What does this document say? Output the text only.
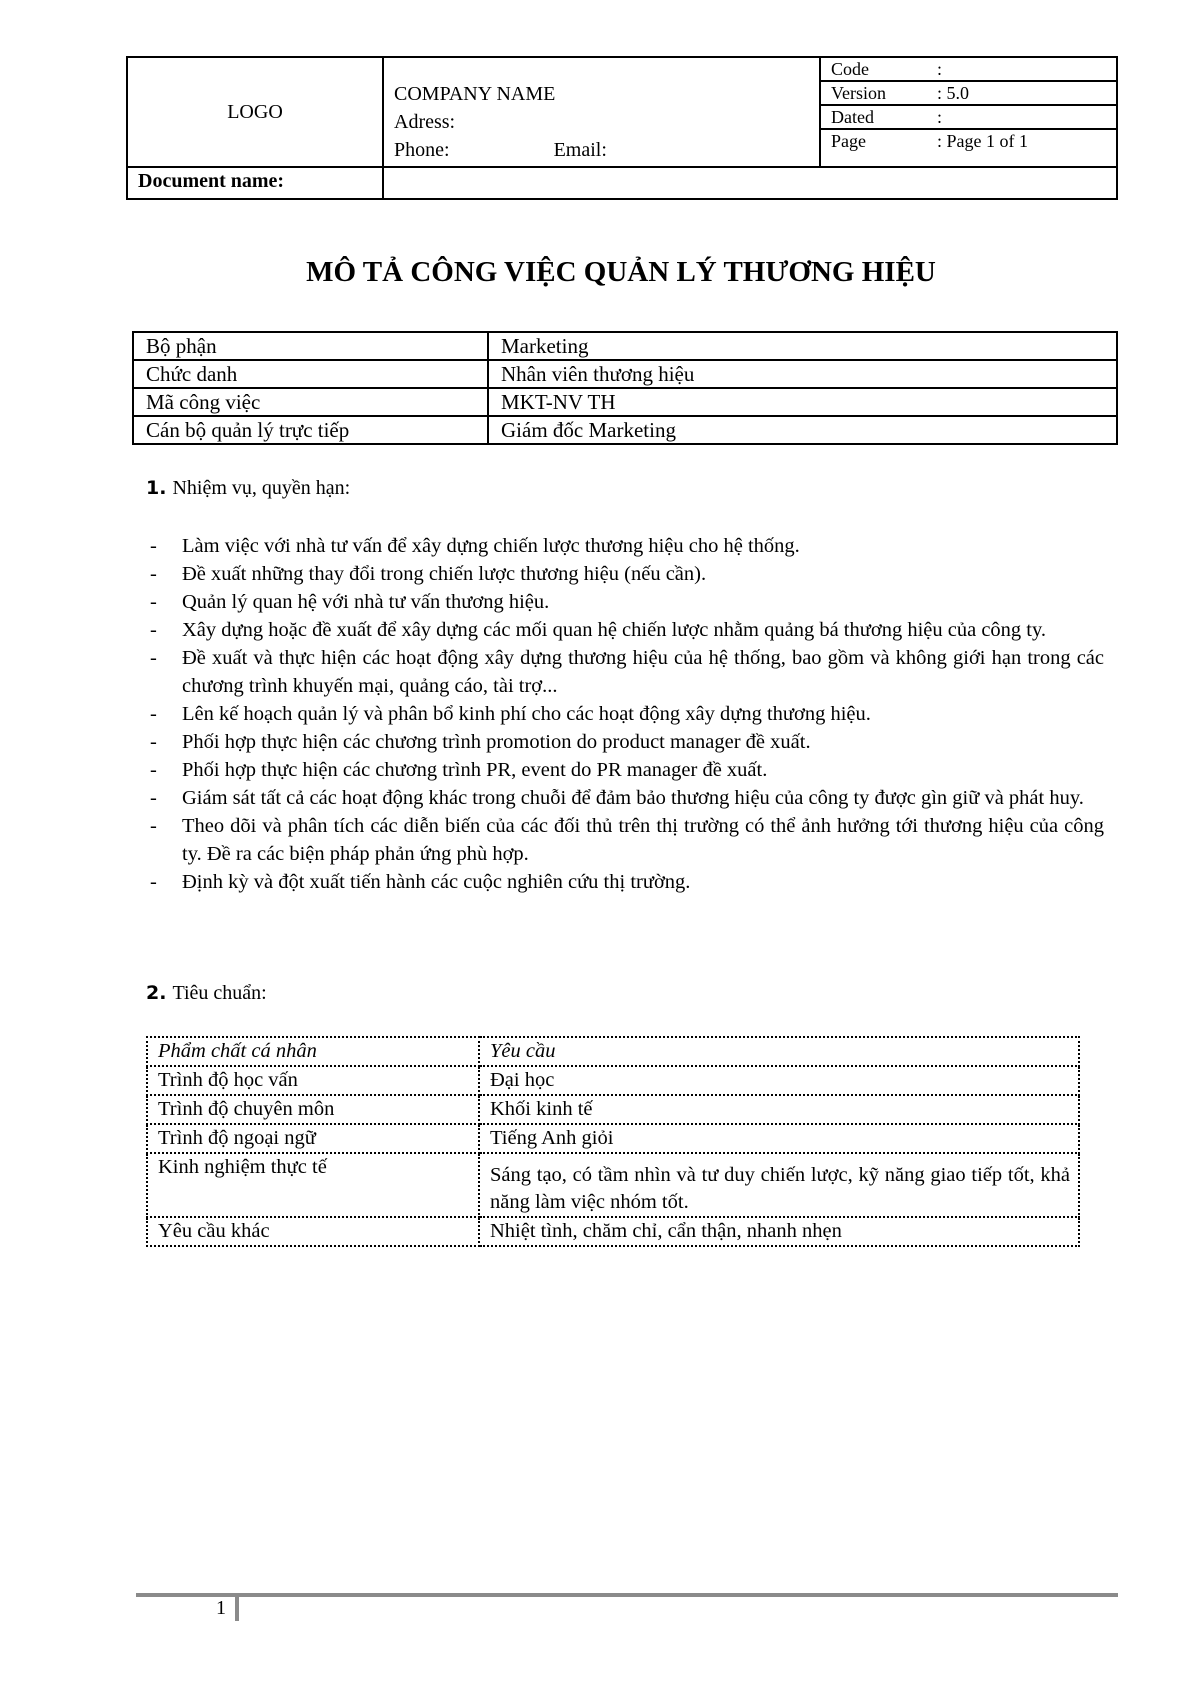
LOGO	
COMPANY NAME
Adress:
Phone:	Email:

Code	:
Version	: 5.0
Dated	:
Page	: Page 1 of 1

Document name:	
MÔ TẢ CÔNG VIỆC QUẢN LÝ THƯƠNG HIỆU
Bộ phận	Marketing
Chức danh	Nhân viên thương hiệu
Mã công việc	MKT-NV TH
Cán bộ quản lý trực tiếp	Giám đốc Marketing
1. Nhiệm vụ, quyền hạn:
- Làm việc với nhà tư vấn để xây dựng chiến lược thương hiệu cho hệ thống.
- Đề xuất những thay đổi trong chiến lược thương hiệu (nếu cần).
- Quản lý quan hệ với nhà tư vấn thương hiệu.
- Xây dựng hoặc đề xuất để xây dựng các mối quan hệ chiến lược nhằm quảng bá thương hiệu của công ty.
- Đề xuất và thực hiện các hoạt động xây dựng thương hiệu của hệ thống, bao gồm và không giới hạn trong các chương trình khuyến mại, quảng cáo, tài trợ...
- Lên kế hoạch quản lý và phân bổ kinh phí cho các hoạt động xây dựng thương hiệu.
- Phối hợp thực hiện các chương trình promotion do product manager đề xuất.
- Phối hợp thực hiện các chương trình PR, event do PR manager đề xuất.
- Giám sát tất cả các hoạt động khác trong chuỗi để đảm bảo thương hiệu của công ty được gìn giữ và phát huy.
- Theo dõi và phân tích các diễn biến của các đối thủ trên thị trường có thể ảnh hưởng tới thương hiệu của công ty. Đề ra các biện pháp phản ứng phù hợp.
- Định kỳ và đột xuất tiến hành các cuộc nghiên cứu thị trường.
2. Tiêu chuẩn:
Phẩm chất cá nhân	Yêu cầu
Trình độ học vấn	Đại học
Trình độ chuyên môn	Khối kinh tế
Trình độ ngoại ngữ	Tiếng Anh giỏi
Kinh nghiệm thực tế	Sáng tạo, có tầm nhìn và tư duy chiến lược, kỹ năng giao tiếp tốt, khả năng làm việc nhóm tốt.
Yêu cầu khác	Nhiệt tình, chăm chỉ, cẩn thận, nhanh nhẹn
1
